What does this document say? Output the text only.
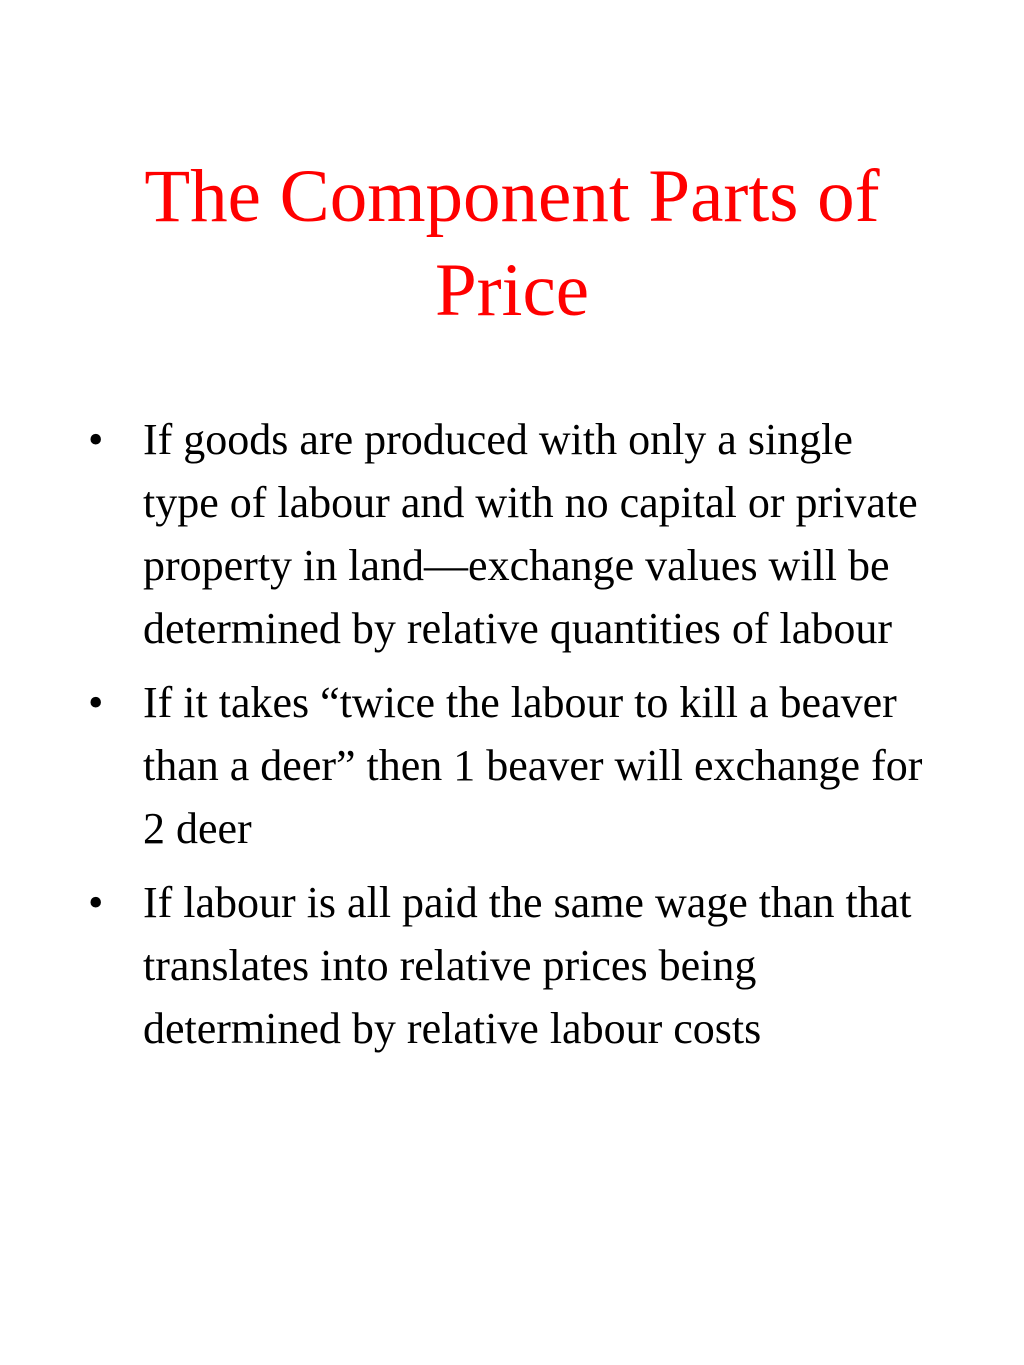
The Component Parts of Price
• If goods are produced with only a single type of labour and with no capital or private property in land—exchange values will be determined by relative quantities of labour
• If it takes “twice the labour to kill a beaver than a deer” then 1 beaver will exchange for 2 deer
• If labour is all paid the same wage than that translates into relative prices being determined by relative labour costs
